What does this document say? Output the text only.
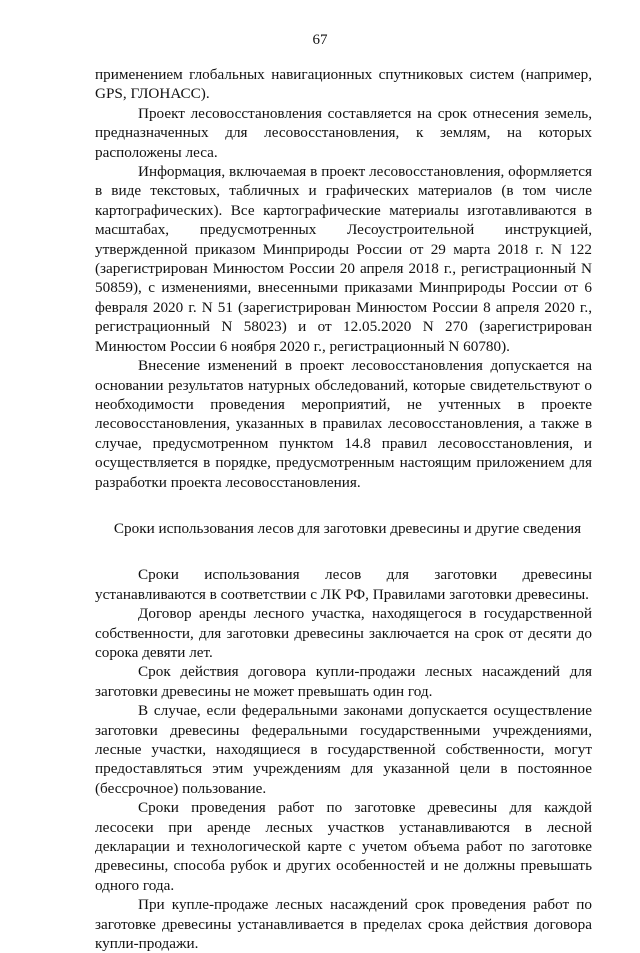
67

применением глобальных навигационных спутниковых систем (например, GPS, ГЛОНАСС).

Проект лесовосстановления составляется на срок отнесения земель, предназначенных для лесовосстановления, к землям, на которых расположены леса.

Информация, включаемая в проект лесовосстановления, оформляется в виде текстовых, табличных и графических материалов (в том числе картографических). Все картографические материалы изготавливаются в масштабах, предусмотренных Лесоустроительной инструкцией, утвержденной приказом Минприроды России от 29 марта 2018 г. N 122 (зарегистрирован Минюстом России 20 апреля 2018 г., регистрационный N 50859), с изменениями, внесенными приказами Минприроды России от 6 февраля 2020 г. N 51 (зарегистрирован Минюстом России 8 апреля 2020 г., регистрационный N 58023) и от 12.05.2020 N 270 (зарегистрирован Минюстом России 6 ноября 2020 г., регистрационный N 60780).

Внесение изменений в проект лесовосстановления допускается на основании результатов натурных обследований, которые свидетельствуют о необходимости проведения мероприятий, не учтенных в проекте лесовосстановления, указанных в правилах лесовосстановления, а также в случае, предусмотренном пунктом 14.8 правил лесовосстановления, и осуществляется в порядке, предусмотренным настоящим приложением для разработки проекта лесовосстановления.

Сроки использования лесов для заготовки древесины и другие сведения

Сроки использования лесов для заготовки древесины устанавливаются в соответствии с ЛК РФ, Правилами заготовки древесины.

Договор аренды лесного участка, находящегося в государственной собственности, для заготовки древесины заключается на срок от десяти до сорока девяти лет.

Срок действия договора купли-продажи лесных насаждений для заготовки древесины не может превышать один год.

В случае, если федеральными законами допускается осуществление заготовки древесины федеральными государственными учреждениями, лесные участки, находящиеся в государственной собственности, могут предоставляться этим учреждениям для указанной цели в постоянное (бессрочное) пользование.

Сроки проведения работ по заготовке древесины для каждой лесосеки при аренде лесных участков устанавливаются в лесной декларации и технологической карте с учетом объема работ по заготовке древесины, способа рубок и других особенностей и не должны превышать одного года.

При купле-продаже лесных насаждений срок проведения работ по заготовке древесины устанавливается в пределах срока действия договора купли-продажи.
